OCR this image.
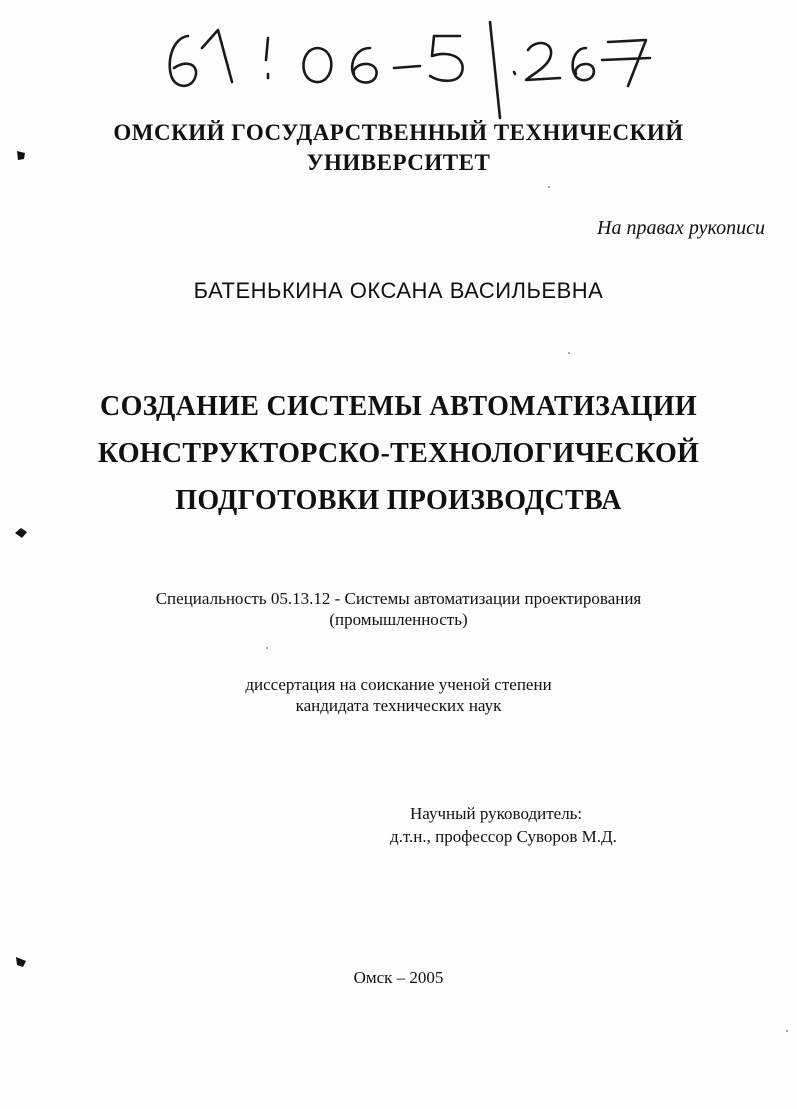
ОМСКИЙ ГОСУДАРСТВЕННЫЙ ТЕХНИЧЕСКИЙ
УНИВЕРСИТЕТ
На правах рукописи
БАТЕНЬКИНА ОКСАНА ВАСИЛЬЕВНА
СОЗДАНИЕ СИСТЕМЫ АВТОМАТИЗАЦИИ
КОНСТРУКТОРСКО-ТЕХНОЛОГИЧЕСКОЙ
ПОДГОТОВКИ ПРОИЗВОДСТВА
Специальность 05.13.12 - Системы автоматизации проектирования
(промышленность)
диссертация на соискание ученой степени
кандидата технических наук
Научный руководитель:
д.т.н., профессор Суворов М.Д.
Омск – 2005
